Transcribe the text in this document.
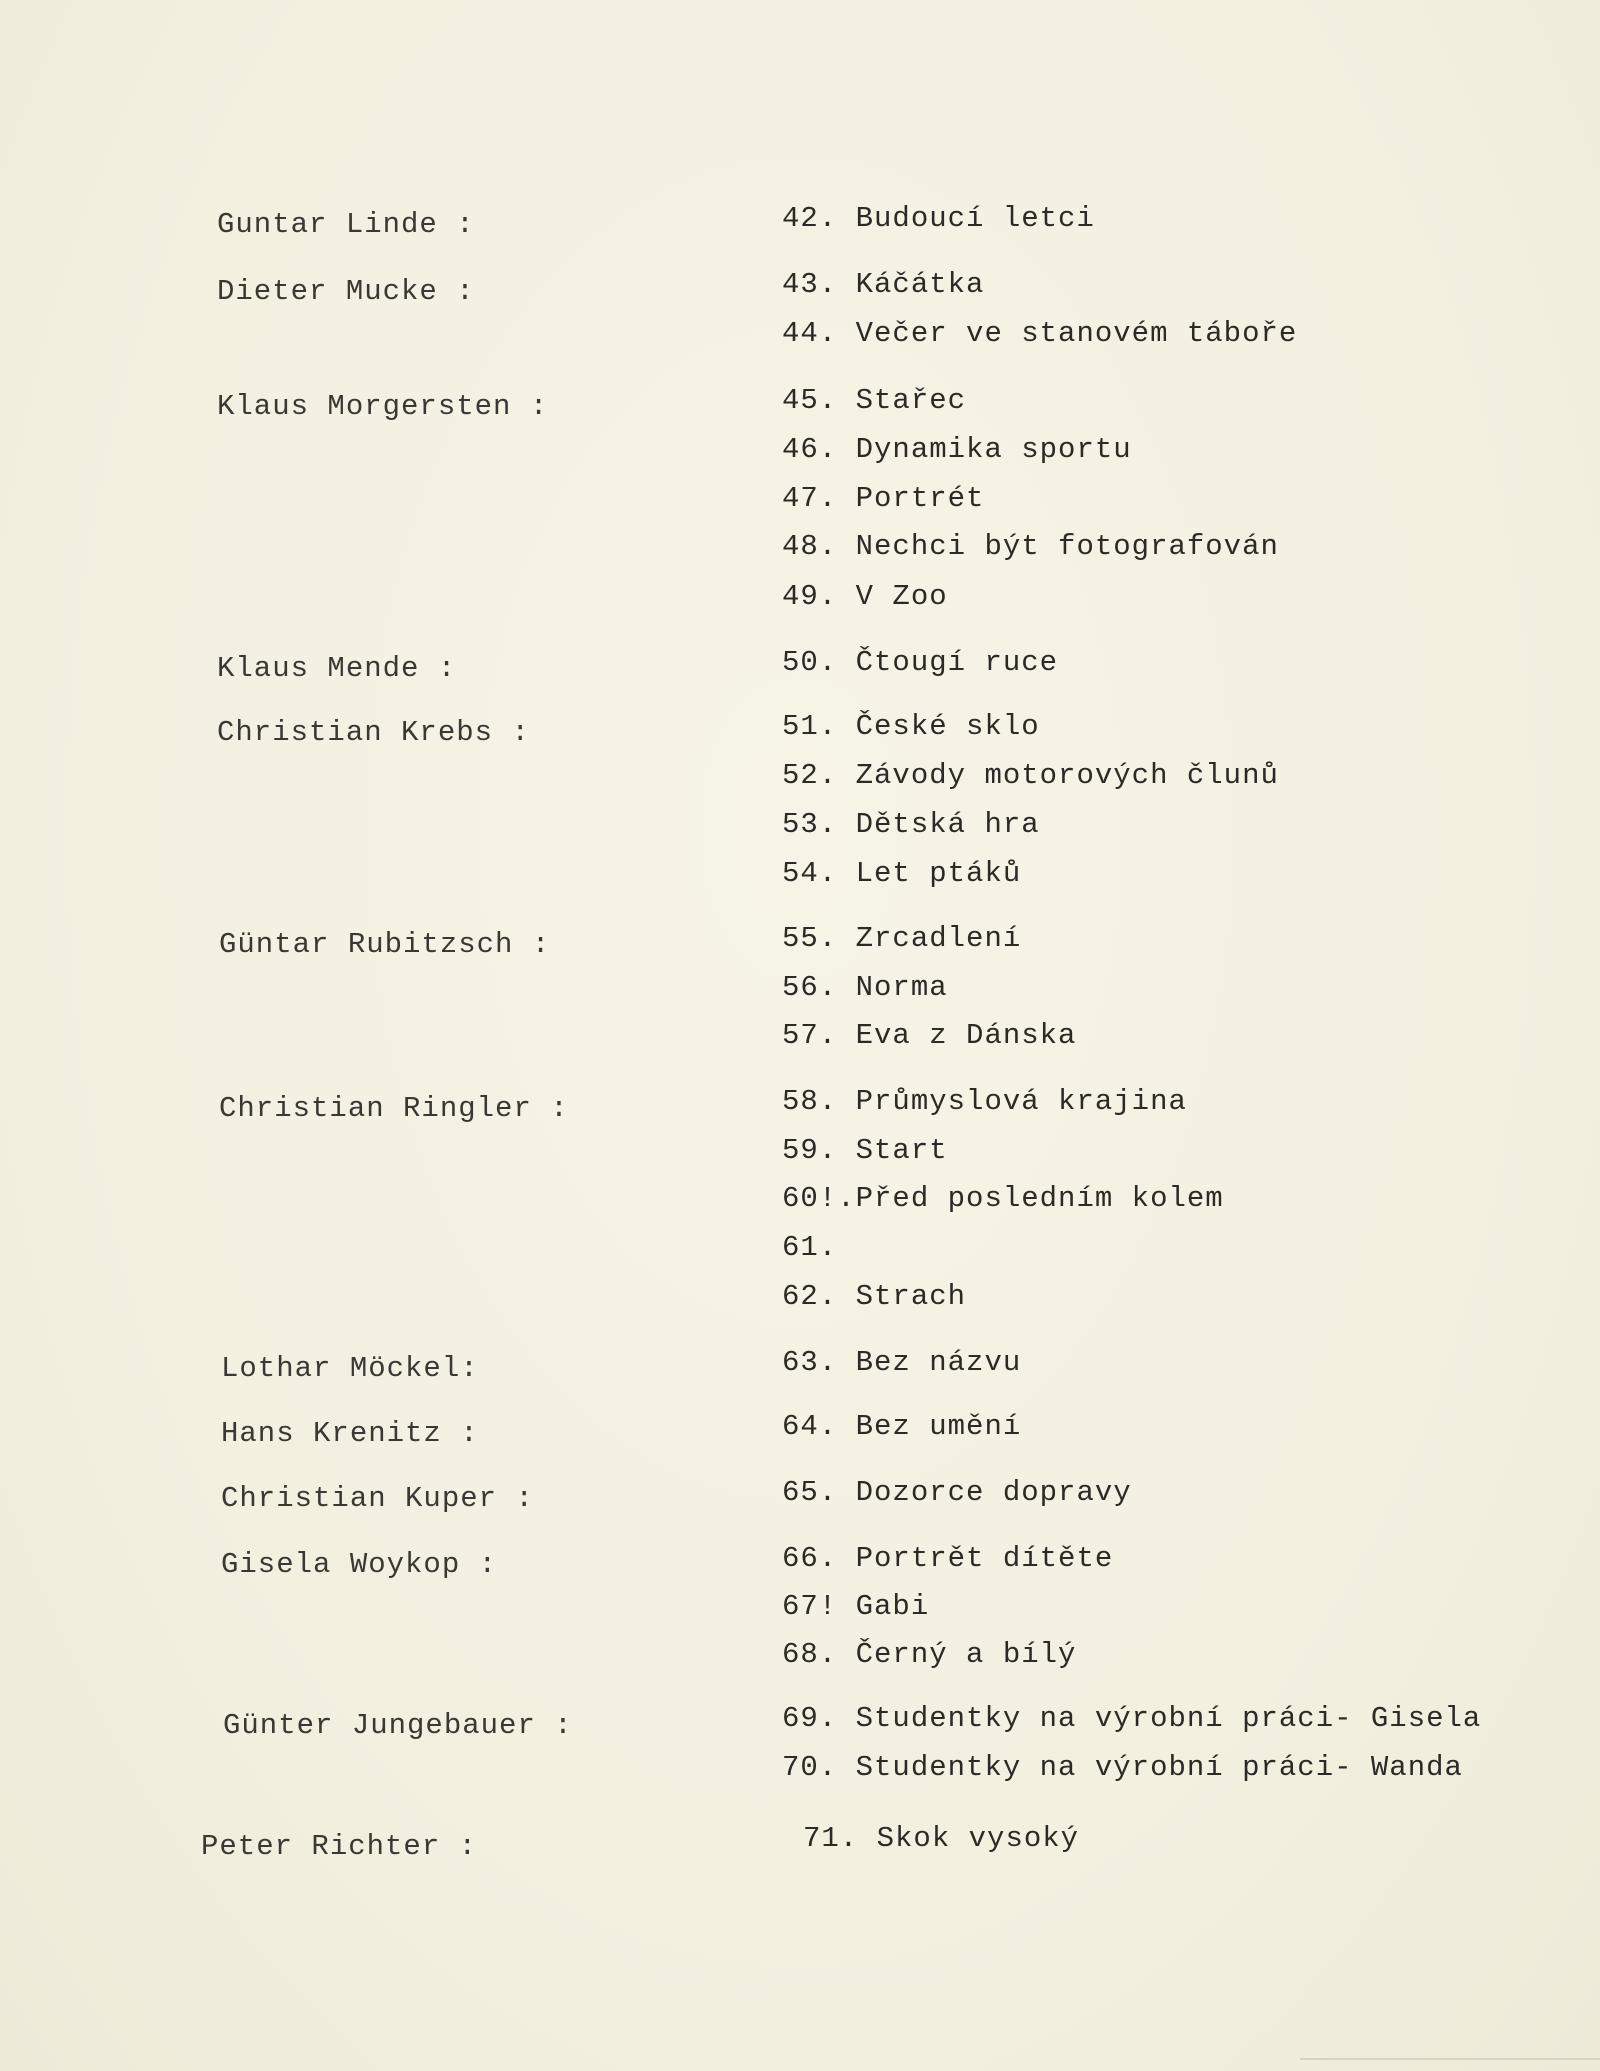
Guntar Linde :	42. Budoucí letci
Dieter Mucke :	43. Káčátka
44. Večer ve stanovém táboře
Klaus Morgersten :	45. Stařec
46. Dynamika sportu
47. Portrét
48. Nechci být fotografován
49. V Zoo
Klaus Mende :	50. Čtougí ruce
Christian Krebs :	51. České sklo
52. Závody motorových člunů
53. Dětská hra
54. Let ptáků
Güntar Rubitzsch :	55. Zrcadlení
56. Norma
57. Eva z Dánska
Christian Ringler :	58. Průmyslová krajina
59. Start
60!.Před posledním kolem
61.
62. Strach
Lothar Möckel:	63. Bez názvu
Hans Krenitz :	64. Bez umění
Christian Kuper :	65. Dozorce dopravy
Gisela Woykop :	66. Portrět dítěte
67! Gabi
68. Černý a bílý
Günter Jungebauer :	69. Studentky na výrobní práci- Gisela
70. Studentky na výrobní práci- Wanda
Peter Richter :	71. Skok vysoký
